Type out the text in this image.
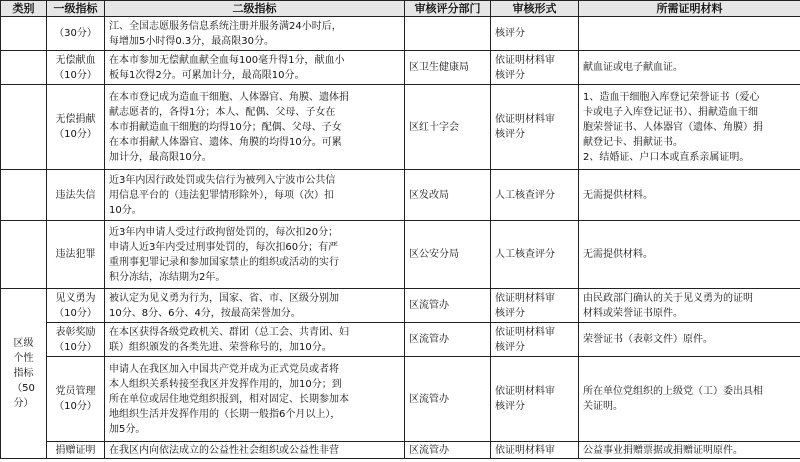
类别	一级指标	二级指标	审核评分部门	审核形式	所需证明材料

	（30分）	江、全国志愿服务信息系统注册并服务满24小时后，
每增加5小时得0.3分，最高限30分。		核评分	

	无偿献血
（10分）	在本市参加无偿献血献全血每100毫升得1分，献血小
板每1次得2分。可累加计分，最高限10分。	区卫生健康局	依证明材料审
核评分	献血证或电子献血证。

	无偿捐献
（10分）	在本市登记成为造血干细胞、人体器官、角膜、遗体捐
献志愿者的，各得1分；本人、配偶、父母、子女在
本市捐献造血干细胞的均得10分；配偶、父母、子女
在本市捐献人体器官、遗体、角膜的均得10分。可累
加计分，最高限10分。	区红十字会	依证明材料审
核评分	1、造血干细胞入库登记荣誉证书（爱心
卡或电子入库登记证书）、捐献造血干细
胞荣誉证书、人体器官（遗体、角膜）捐
献登记卡、捐献证书。
2、结婚证、户口本或直系亲属证明。

	违法失信	近3年内因行政处罚或失信行为被列入宁波市公共信
用信息平台的（违法犯罪情形除外），每项（次）扣
10分。	区发改局	人工核查评分	无需提供材料。

	违法犯罪	近3年内申请人受过行政拘留处罚的，每次扣20分；
申请人近3年内受过刑事处罚的，每次扣60分；有严
重刑事犯罪记录和参加国家禁止的组织或活动的实行
积分冻结，冻结期为2年。	区公安分局	人工核查评分	无需提供材料。

区级
个性
指标
（50
分）	见义勇为
（10分）	被认定为见义勇为行为，国家、省、市、区级分别加
10分、8分、6分、4分，按最高荣誉加分。	区流管办	依证明材料审
核评分	由民政部门确认的关于见义勇为的证明
材料或荣誉证书原件。

	表彰奖励
（10分）	在本区获得各级党政机关、群团（总工会、共青团、妇
联）组织颁发的各类先进、荣誉称号的，加10分。	区流管办	依证明材料审
核评分	荣誉证书（表彰文件）原件。

	党员管理
（10分）	申请人在我区加入中国共产党并成为正式党员或者将
本人组织关系转接至我区并发挥作用的，加10分；到
所在单位或居住地党组织报到，相对固定、长期参加本
地组织生活并发挥作用的（长期一般指6个月以上），
加5分。	区流管办	依证明材料审
核评分	所在单位党组织的上级党（工）委出具相
关证明。

	捐赠证明	在我区内向依法成立的公益性社会组织或公益性非营	区流管办	依证明材料审	公益事业捐赠票据或捐赠证明原件。
